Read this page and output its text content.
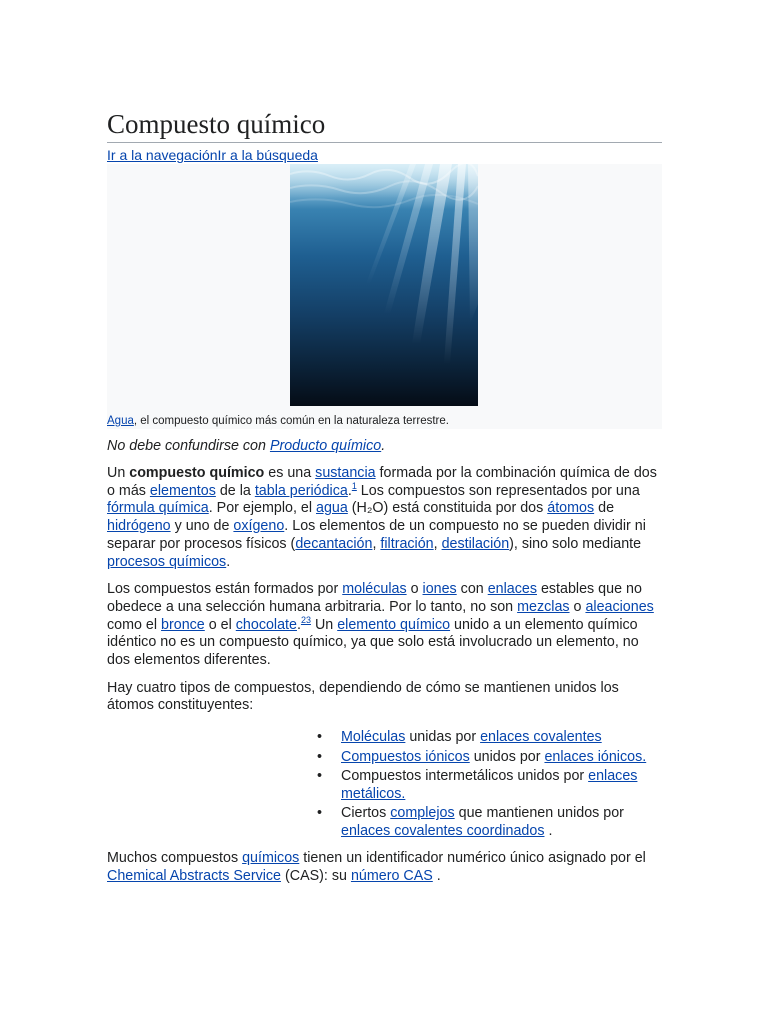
Compuesto químico
Ir a la navegaciónIr a la búsqueda
Agua, el compuesto químico más común en la naturaleza terrestre.
No debe confundirse con Producto químico.

Un compuesto químico es una sustancia formada por la combinación química de dos o más elementos de la tabla periódica.$^1$ Los compuestos son representados por una fórmula química. Por ejemplo, el agua (H₂O) está constituida por dos átomos de hidrógeno y uno de oxígeno. Los elementos de un compuesto no se pueden dividir ni separar por procesos físicos (decantación, filtración, destilación), sino solo mediante procesos químicos.

Los compuestos están formados por moléculas o iones con enlaces estables que no obedece a una selección humana arbitraria. Por lo tanto, no son mezclas o aleaciones como el bronce o el chocolate.$^{23}$ Un elemento químico unido a un elemento químico idéntico no es un compuesto químico, ya que solo está involucrado un elemento, no dos elementos diferentes.

Hay cuatro tipos de compuestos, dependiendo de cómo se mantienen unidos los átomos constituyentes:

• Moléculas unidas por enlaces covalentes
• Compuestos iónicos unidos por enlaces iónicos.
• Compuestos intermetálicos unidos por enlaces metálicos.
• Ciertos complejos que mantienen unidos por enlaces covalentes coordinados .

Muchos compuestos químicos tienen un identificador numérico único asignado por el Chemical Abstracts Service (CAS): su número CAS .
